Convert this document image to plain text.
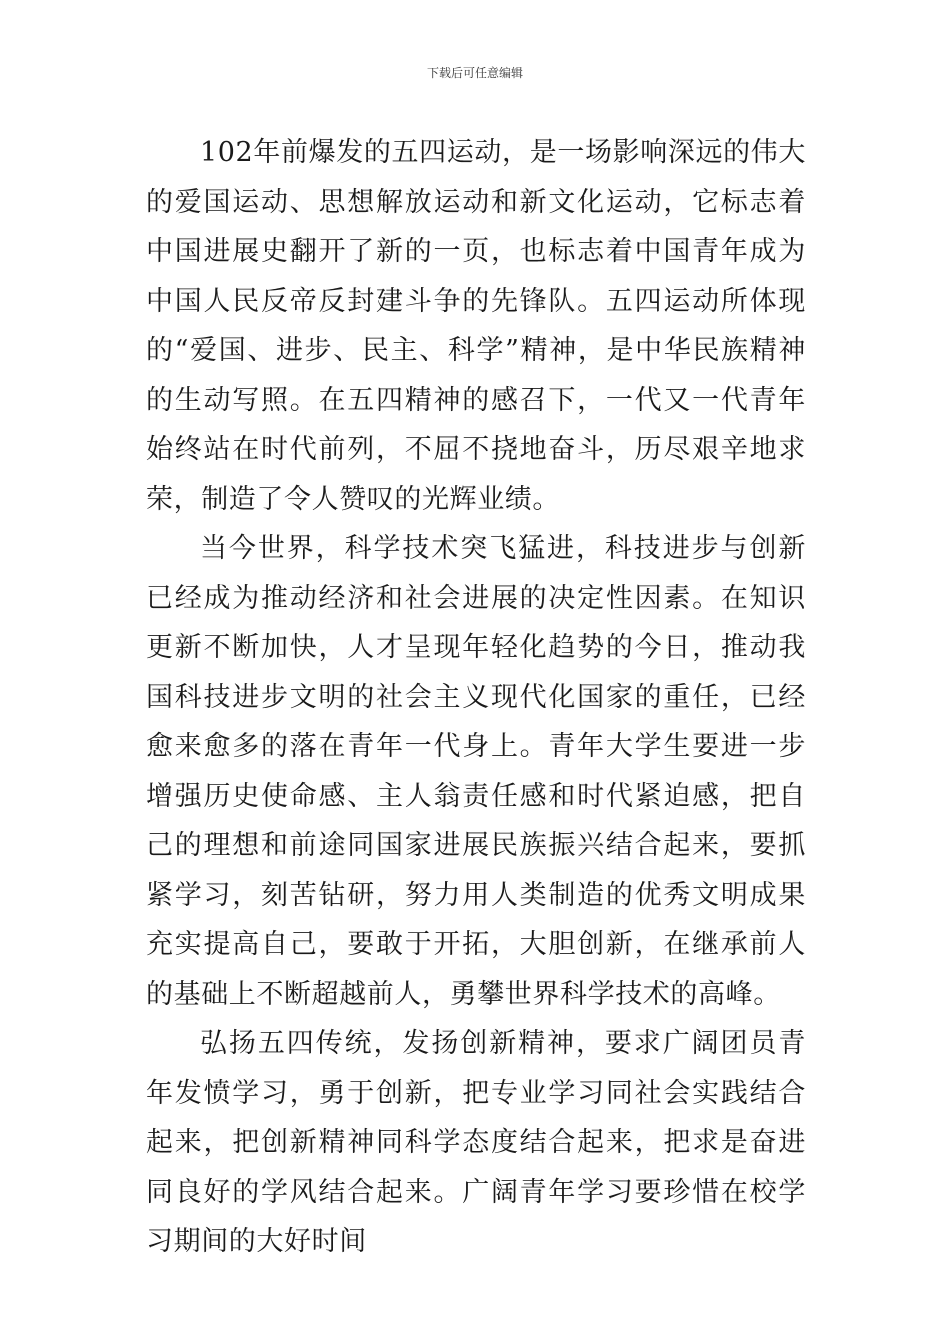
下载后可任意编辑

102年前爆发的五四运动，是一场影响深远的伟大的爱国运动、思想解放运动和新文化运动，它标志着中国进展史翻开了新的一页，也标志着中国青年成为中国人民反帝反封建斗争的先锋队。五四运动所体现的“爱国、进步、民主、科学”精神，是中华民族精神的生动写照。在五四精神的感召下，一代又一代青年始终站在时代前列，不屈不挠地奋斗，历尽艰辛地求荣，制造了令人赞叹的光辉业绩。

当今世界，科学技术突飞猛进，科技进步与创新已经成为推动经济和社会进展的决定性因素。在知识更新不断加快，人才呈现年轻化趋势的今日，推动我国科技进步文明的社会主义现代化国家的重任，已经愈来愈多的落在青年一代身上。青年大学生要进一步增强历史使命感、主人翁责任感和时代紧迫感，把自己的理想和前途同国家进展民族振兴结合起来，要抓紧学习，刻苦钻研，努力用人类制造的优秀文明成果充实提高自己，要敢于开拓，大胆创新，在继承前人的基础上不断超越前人，勇攀世界科学技术的高峰。

弘扬五四传统，发扬创新精神，要求广阔团员青年发愤学习，勇于创新，把专业学习同社会实践结合起来，把创新精神同科学态度结合起来，把求是奋进同良好的学风结合起来。广阔青年学习要珍惜在校学习期间的大好时间
